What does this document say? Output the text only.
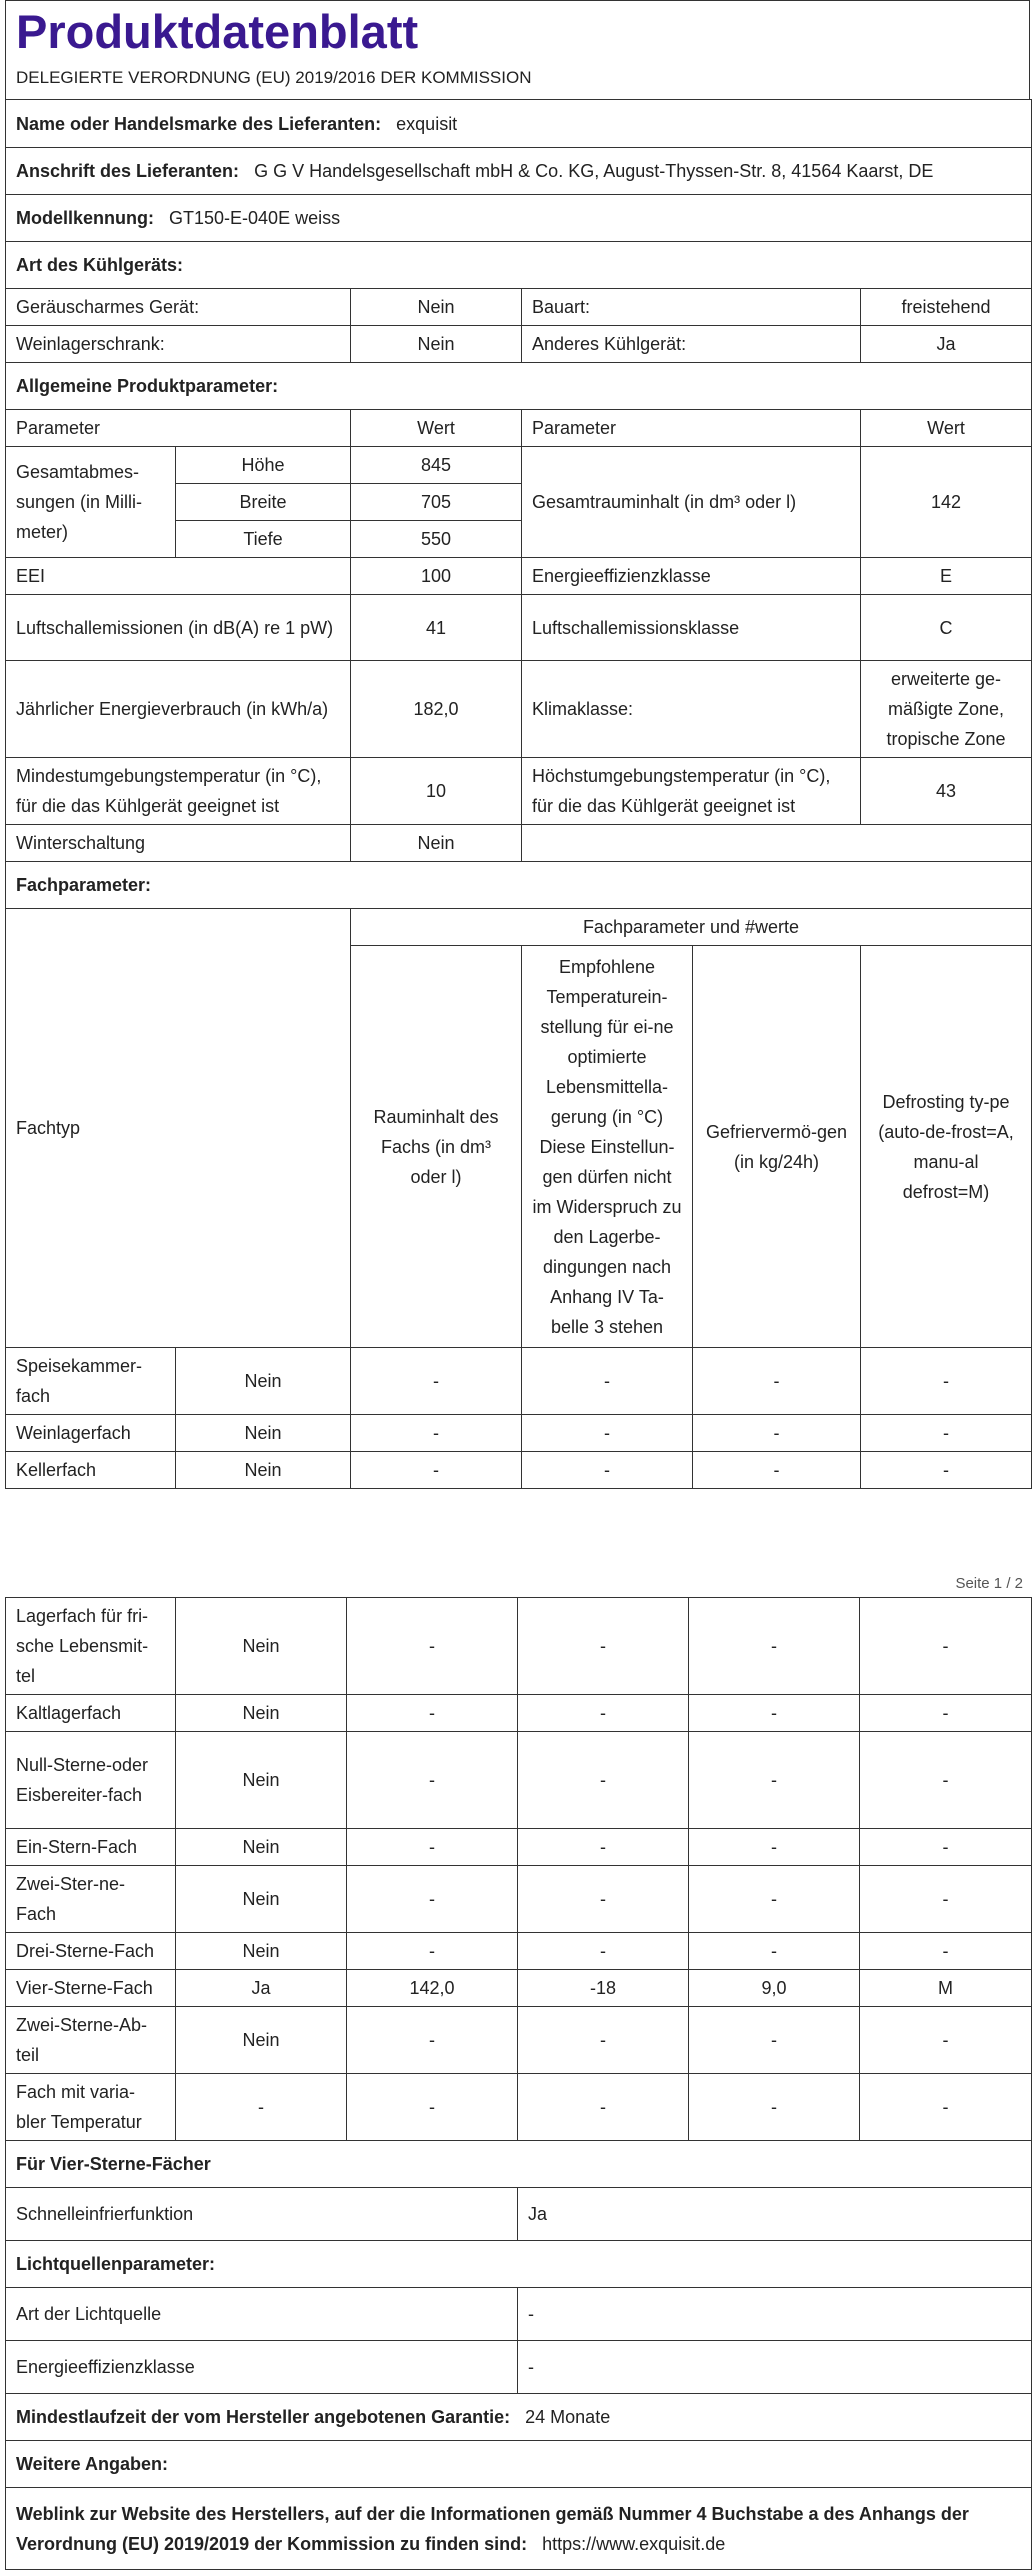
Produktdatenblatt
DELEGIERTE VERORDNUNG (EU) 2019/2016 DER KOMMISSION
Name oder Handelsmarke des Lieferanten: exquisit					
Anschrift des Lieferanten: G G V Handelsgesellschaft mbH & Co. KG, August-Thyssen-Str. 8, 41564 Kaarst, DE					
Modellkennung: GT150-E-040E weiss					
Art des Kühlgeräts:					
Geräuscharmes Gerät:		Nein	Bauart:		freistehend
Weinlagerschrank:		Nein	Anderes Kühlgerät:		Ja
Allgemeine Produktparameter:					
Parameter		Wert	Parameter		Wert
Gesamtabmes-sungen (in Milli-meter)	Höhe	845	Gesamtrauminhalt (in dm³ oder l)		142
	Breite	705			
	Tiefe	550			
EEI		100	Energieeffizienzklasse		E
Luftschallemissionen (in dB(A) re 1 pW)		41	Luftschallemissionsklasse		C
Jährlicher Energieverbrauch (in kWh/a)		182,0	Klimaklasse:		erweiterte ge-mäßigte Zone, tropische Zone
Mindestumgebungstemperatur (in °C), für die das Kühlgerät geeignet ist		10	Höchstumgebungstemperatur (in °C), für die das Kühlgerät geeignet ist		43
Winterschaltung		Nein			
Fachparameter:					
Fachtyp		Fachparameter und #werte			
		Rauminhalt des Fachs (in dm³ oder l)	Empfohlene Temperaturein-stellung für ei-ne optimierte Lebensmittella-gerung (in °C) Diese Einstellun-gen dürfen nicht im Widerspruch zu den Lagerbe-dingungen nach Anhang IV Ta-belle 3 stehen	Gefriervermö-gen (in kg/24h)	Defrosting ty-pe (auto-de-frost=A, manu-al defrost=M)
Speisekammer-fach	Nein	-	-	-	-
Weinlagerfach	Nein	-	-	-	-
Kellerfach	Nein	-	-	-	-
Seite 1 / 2
Lagerfach für fri-sche Lebensmit-tel	Nein	-	-	-	-
Kaltlagerfach	Nein	-	-	-	-
Null-Sterne-oder Eisbereiter-fach	Nein	-	-	-	-
Ein-Stern-Fach	Nein	-	-	-	-
Zwei-Ster-ne-Fach	Nein	-	-	-	-
Drei-Sterne-Fach	Nein	-	-	-	-
Vier-Sterne-Fach	Ja	142,0	-18	9,0	M
Zwei-Sterne-Ab-teil	Nein	-	-	-	-
Fach mit varia-bler Temperatur	-	-	-	-	-
Für Vier-Sterne-Fächer					
Schnelleinfrierfunktion			Ja		
Lichtquellenparameter:					
Art der Lichtquelle			-		
Energieeffizienzklasse			-		
Mindestlaufzeit der vom Hersteller angebotenen Garantie: 24 Monate					
Weitere Angaben:					
Weblink zur Website des Herstellers, auf der die Informationen gemäß Nummer 4 Buchstabe a des Anhangs der Verordnung (EU) 2019/2019 der Kommission zu finden sind: https://www.exquisit.de					
